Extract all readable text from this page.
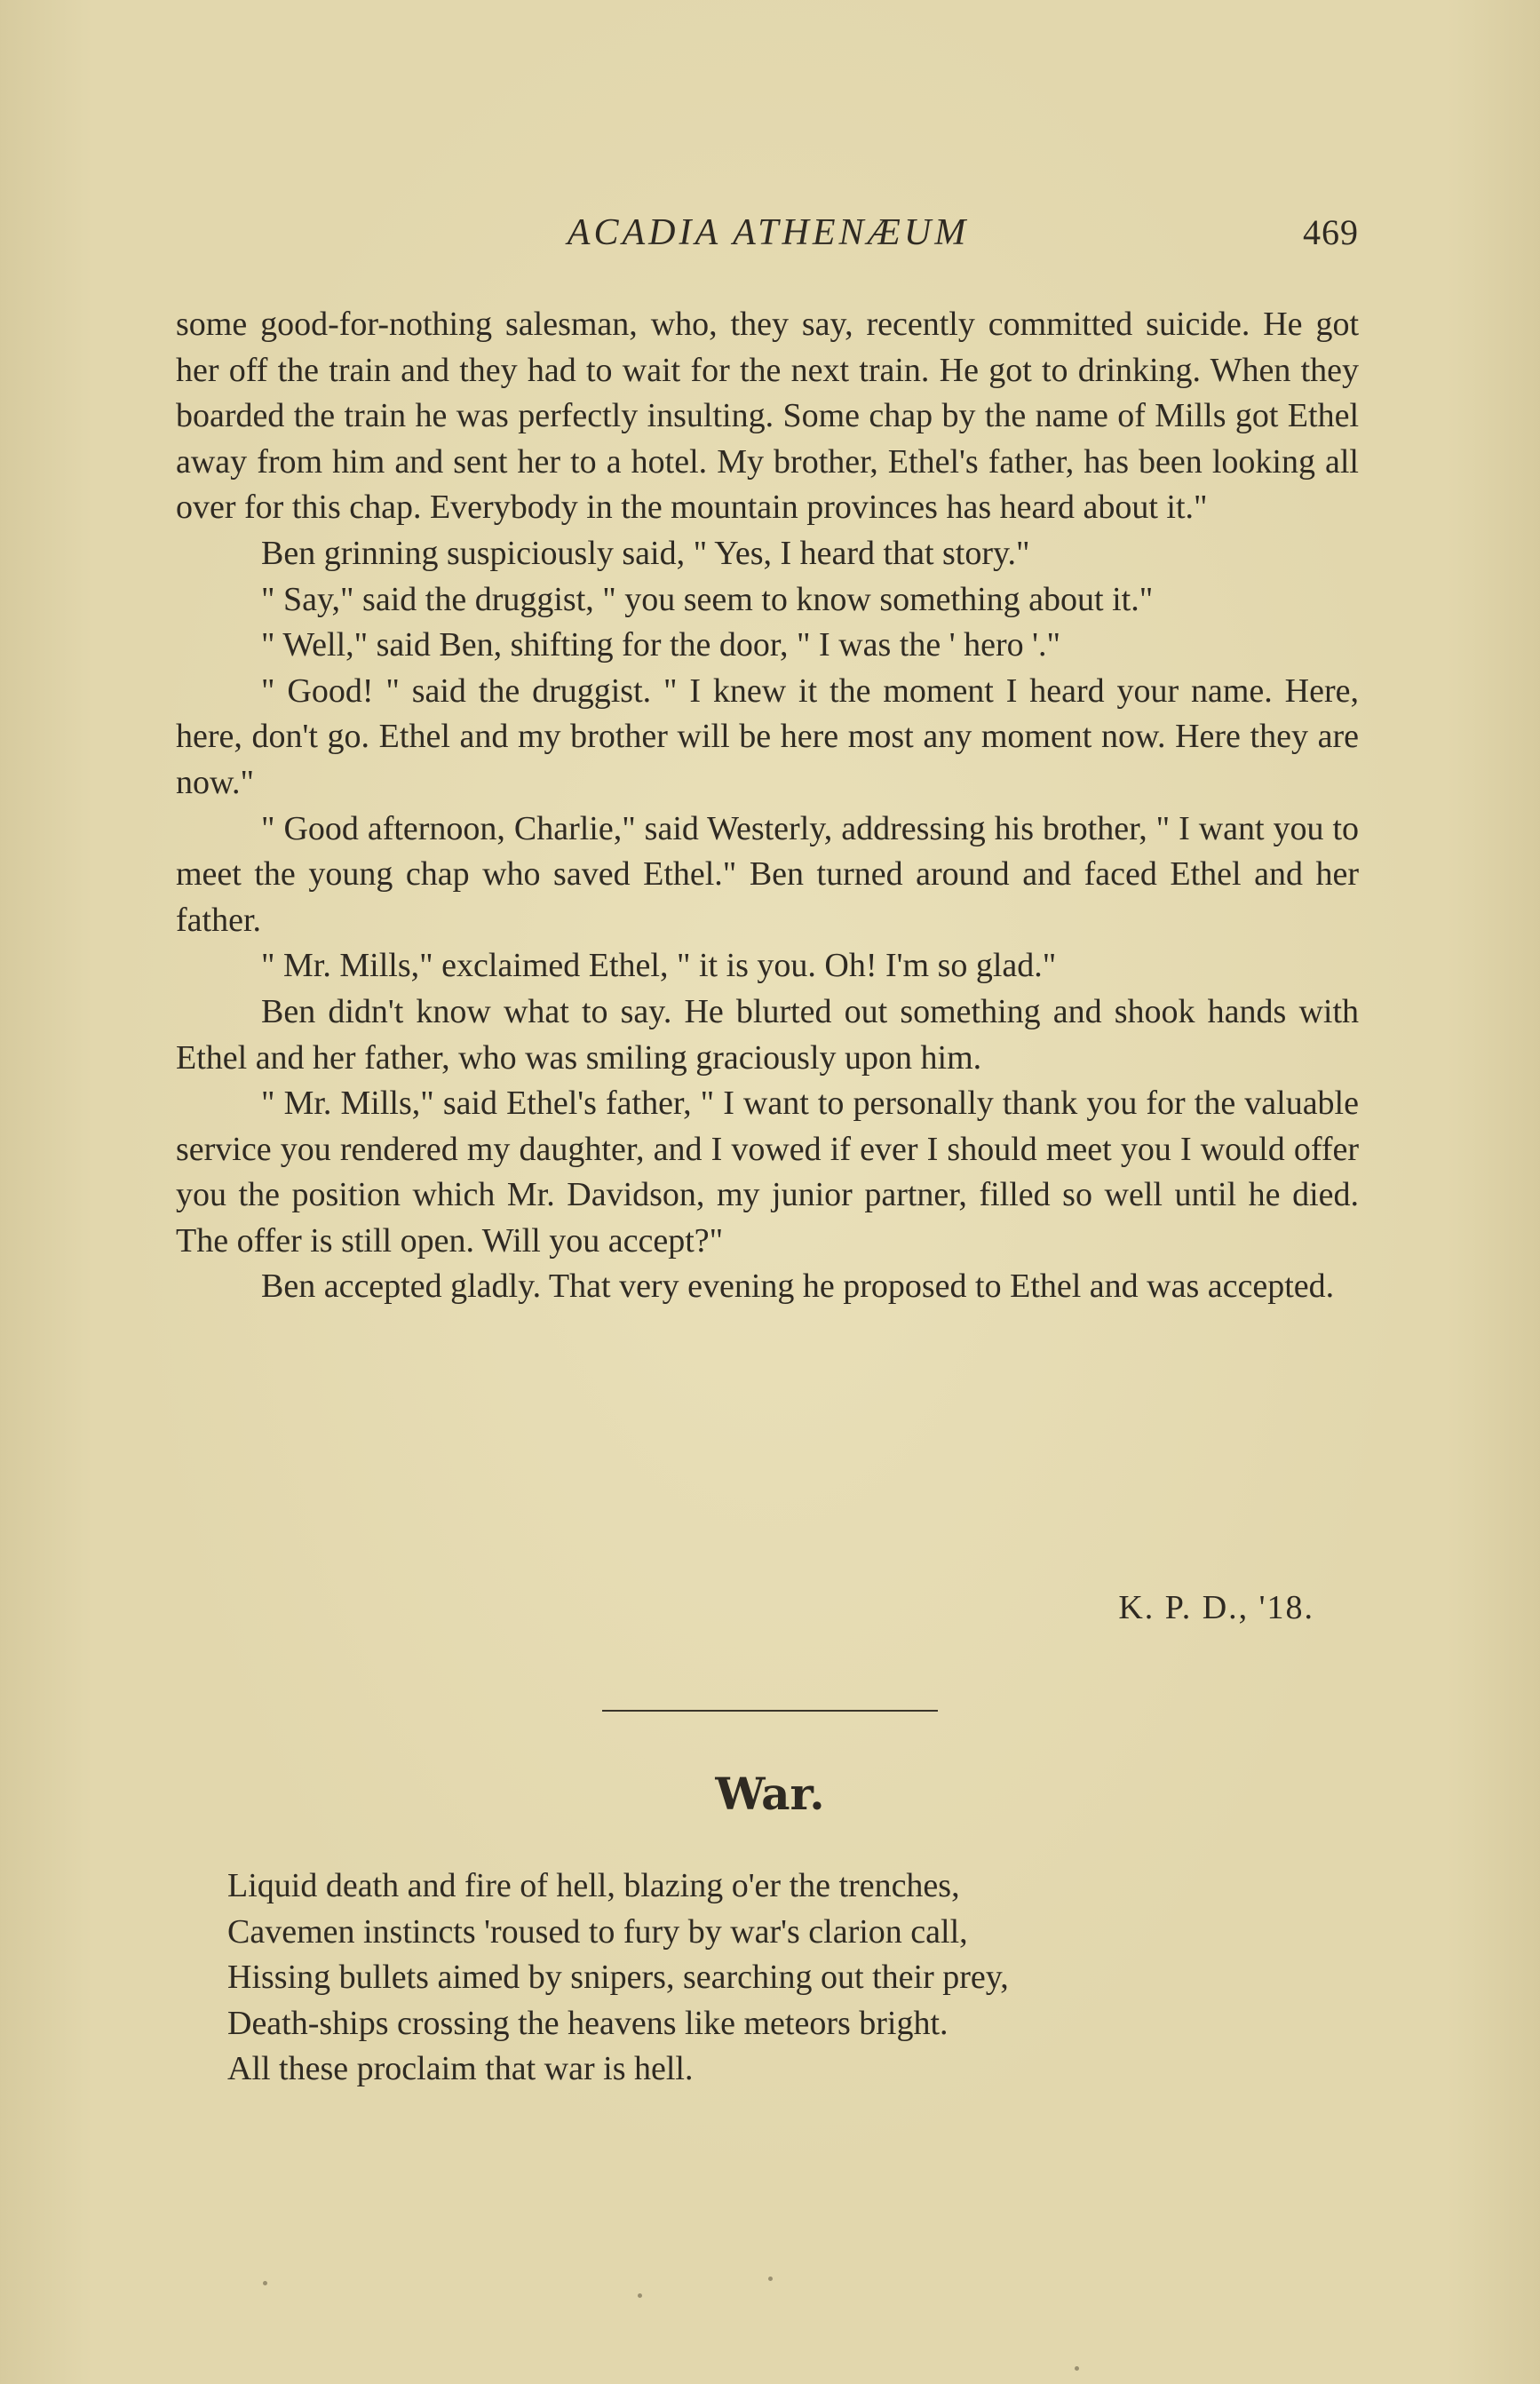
ACADIA ATHENÆUM	469

some good-for-nothing salesman, who, they say, recently committed suicide. He got her off the train and they had to wait for the next train. He got to drinking. When they boarded the train he was perfectly insulting. Some chap by the name of Mills got Ethel away from him and sent her to a hotel. My brother, Ethel's father, has been looking all over for this chap. Everybody in the mountain provinces has heard about it."

Ben grinning suspiciously said, " Yes, I heard that story."

" Say," said the druggist, " you seem to know something about it."

" Well," said Ben, shifting for the door, " I was the ' hero '."

" Good! " said the druggist. " I knew it the moment I heard your name. Here, here, don't go. Ethel and my brother will be here most any moment now. Here they are now."

" Good afternoon, Charlie," said Westerly, addressing his brother, " I want you to meet the young chap who saved Ethel." Ben turned around and faced Ethel and her father.

" Mr. Mills," exclaimed Ethel, " it is you. Oh! I'm so glad."

Ben didn't know what to say. He blurted out something and shook hands with Ethel and her father, who was smiling graciously upon him.

" Mr. Mills," said Ethel's father, " I want to personally thank you for the valuable service you rendered my daughter, and I vowed if ever I should meet you I would offer you the position which Mr. Davidson, my junior partner, filled so well until he died. The offer is still open. Will you accept?"

Ben accepted gladly. That very evening he proposed to Ethel and was accepted.

K. P. D., '18.
War.
Liquid death and fire of hell, blazing o'er the trenches,
Cavemen instincts 'roused to fury by war's clarion call,
Hissing bullets aimed by snipers, searching out their prey,
Death-ships crossing the heavens like meteors bright.
All these proclaim that war is hell.
